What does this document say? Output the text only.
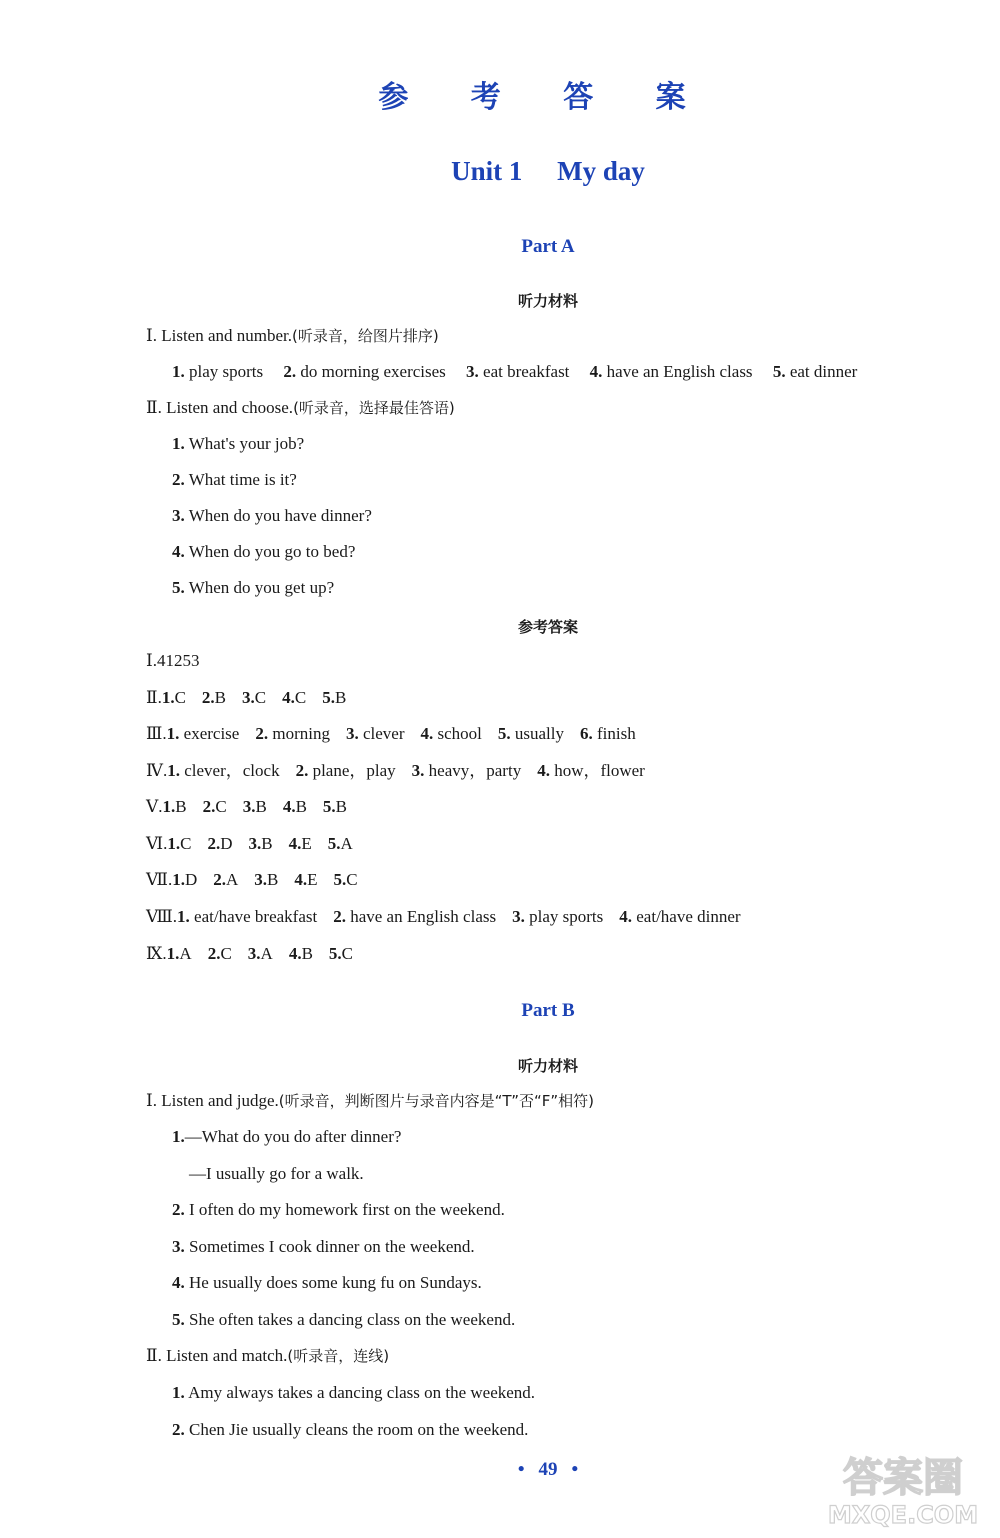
参 考 答 案
Unit 1 My day
Part A
听力材料
Ⅰ. Listen and number.(听录音，给图片排序)
1. play sports 2. do morning exercises 3. eat breakfast 4. have an English class 5. eat dinner
Ⅱ. Listen and choose.(听录音，选择最佳答语)
1. What's your job?
2. What time is it?
3. When do you have dinner?
4. When do you go to bed?
5. When do you get up?
参考答案
Ⅰ.41253
Ⅱ.1.C 2.B 3.C 4.C 5.B
Ⅲ.1. exercise 2. morning 3. clever 4. school 5. usually 6. finish
Ⅳ.1. clever，clock 2. plane，play 3. heavy，party 4. how，flower
Ⅴ.1.B 2.C 3.B 4.B 5.B
Ⅵ.1.C 2.D 3.B 4.E 5.A
Ⅶ.1.D 2.A 3.B 4.E 5.C
Ⅷ.1. eat/have breakfast 2. have an English class 3. play sports 4. eat/have dinner
Ⅸ.1.A 2.C 3.A 4.B 5.C
Part B
听力材料
Ⅰ. Listen and judge.(听录音，判断图片与录音内容是“T”否“F”相符)
1.—What do you do after dinner?
—I usually go for a walk.
2. I often do my homework first on the weekend.
3. Sometimes I cook dinner on the weekend.
4. He usually does some kung fu on Sundays.
5. She often takes a dancing class on the weekend.
Ⅱ. Listen and match.(听录音，连线)
1. Amy always takes a dancing class on the weekend.
2. Chen Jie usually cleans the room on the weekend.
• 49 •	答案圈
MXQE.COM
